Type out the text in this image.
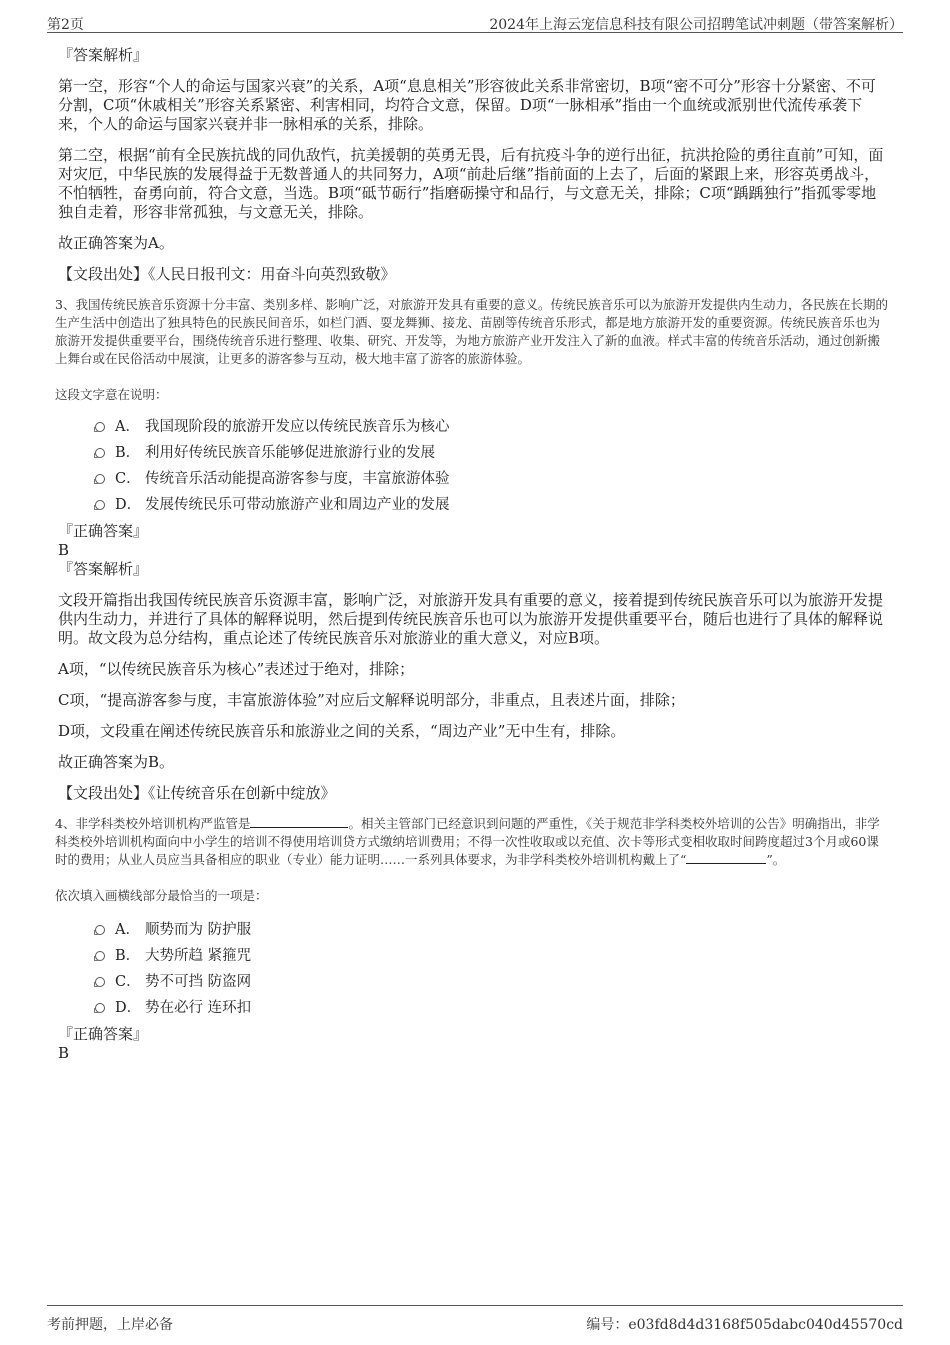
第2页	2024年上海云宠信息科技有限公司招聘笔试冲刺题（带答案解析）

『答案解析』

第一空，形容“个人的命运与国家兴衰”的关系，A项“息息相关”形容彼此关系非常密切，B项“密不可分”形容十分紧密、不可分割，C项“休戚相关”形容关系紧密、利害相同，均符合文意，保留。D项“一脉相承”指由一个血统或派别世代流传承袭下来，个人的命运与国家兴衰并非一脉相承的关系，排除。

第二空，根据“前有全民族抗战的同仇敌忾，抗美援朝的英勇无畏，后有抗疫斗争的逆行出征，抗洪抢险的勇往直前”可知，面对灾厄，中华民族的发展得益于无数普通人的共同努力，A项“前赴后继”指前面的上去了，后面的紧跟上来，形容英勇战斗，不怕牺牲，奋勇向前，符合文意，当选。B项“砥节砺行”指磨砺操守和品行，与文意无关，排除；C项“踽踽独行”指孤零零地独自走着，形容非常孤独，与文意无关，排除。

故正确答案为A。

【文段出处】《人民日报刊文：用奋斗向英烈致敬》

3、我国传统民族音乐资源十分丰富、类别多样、影响广泛，对旅游开发具有重要的意义。传统民族音乐可以为旅游开发提供内生动力，各民族在长期的生产生活中创造出了独具特色的民族民间音乐，如栏门酒、耍龙舞狮、接龙、苗剧等传统音乐形式，都是地方旅游开发的重要资源。传统民族音乐也为旅游开发提供重要平台，围绕传统音乐进行整理、收集、研究、开发等，为地方旅游产业开发注入了新的血液。样式丰富的传统音乐活动，通过创新搬上舞台或在民俗活动中展演，让更多的游客参与互动，极大地丰富了游客的旅游体验。

这段文字意在说明：

A． 我国现阶段的旅游开发应以传统民族音乐为核心
B． 利用好传统民族音乐能够促进旅游行业的发展
C． 传统音乐活动能提高游客参与度，丰富旅游体验
D． 发展传统民乐可带动旅游产业和周边产业的发展

『正确答案』

B

『答案解析』

文段开篇指出我国传统民族音乐资源丰富，影响广泛，对旅游开发具有重要的意义，接着提到传统民族音乐可以为旅游开发提供内生动力，并进行了具体的解释说明，然后提到传统民族音乐也可以为旅游开发提供重要平台，随后也进行了具体的解释说明。故文段为总分结构，重点论述了传统民族音乐对旅游业的重大意义，对应B项。

A项，“以传统民族音乐为核心”表述过于绝对，排除；

C项，“提高游客参与度，丰富旅游体验”对应后文解释说明部分，非重点，且表述片面，排除；

D项，文段重在阐述传统民族音乐和旅游业之间的关系，“周边产业”无中生有，排除。

故正确答案为B。

【文段出处】《让传统音乐在创新中绽放》

4、非学科类校外培训机构严监管是	。相关主管部门已经意识到问题的严重性，《关于规范非学科类校外培训的公告》明确指出，非学科类校外培训机构面向中小学生的培训不得使用培训贷方式缴纳培训费用；不得一次性收取或以充值、次卡等形式变相收取时间跨度超过3个月或60课时的费用；从业人员应当具备相应的职业（专业）能力证明……一系列具体要求，为非学科类校外培训机构戴上了“	”。

依次填入画横线部分最恰当的一项是：

A． 顺势而为 防护服
B． 大势所趋 紧箍咒
C． 势不可挡 防盗网
D． 势在必行 连环扣

『正确答案』

B

考前押题，上岸必备	编号：e03fd8d4d3168f505dabc040d45570cd
